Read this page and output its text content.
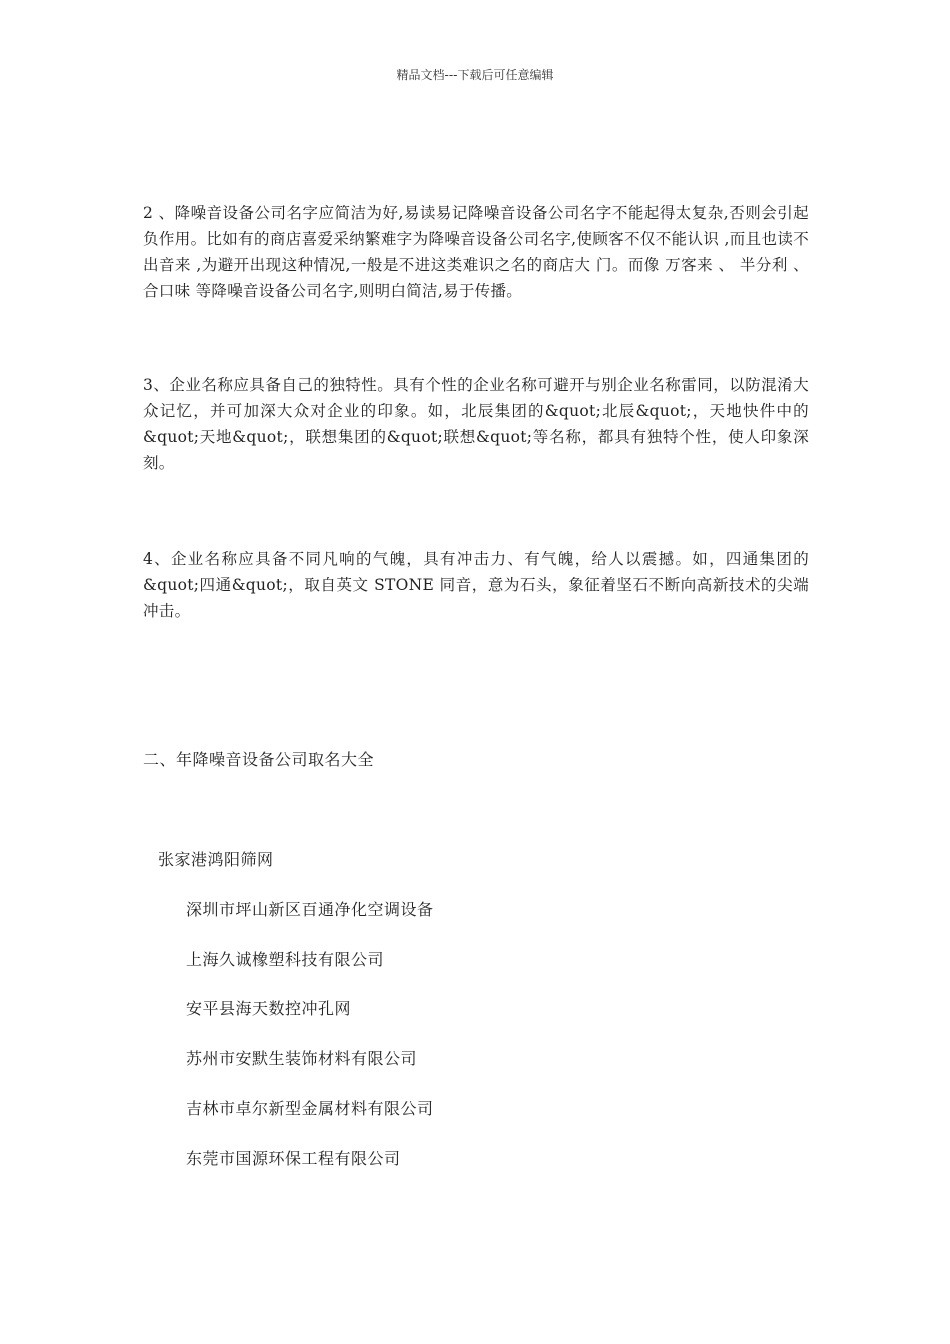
精品文档---下载后可任意编辑

2 、降噪音设备公司名字应简洁为好,易读易记降噪音设备公司名字不能起得太复杂,否则会引起负作用。比如有的商店喜爱采纳繁难字为降噪音设备公司名字,使顾客不仅不能认识 ,而且也读不出音来 ,为避开出现这种情况,一般是不进这类难识之名的商店大 门。而像 万客来 、 半分利 、 合口味 等降噪音设备公司名字,则明白简洁,易于传播。

3、企业名称应具备自己的独特性。具有个性的企业名称可避开与别企业名称雷同，以防混淆大众记忆，并可加深大众对企业的印象。如，北辰集团的&quot;北辰&quot;，天地快件中的&quot;天地&quot;，联想集团的&quot;联想&quot;等名称，都具有独特个性，使人印象深刻。

4、企业名称应具备不同凡响的气魄，具有冲击力、有气魄，给人以震撼。如，四通集团的&quot;四通&quot;，取自英文 STONE 同音，意为石头，象征着坚石不断向高新技术的尖端冲击。

二、年降噪音设备公司取名大全
张家港鸿阳筛网
深圳市坪山新区百通净化空调设备
上海久诚橡塑科技有限公司
安平县海天数控冲孔网
苏州市安默生装饰材料有限公司
吉林市卓尔新型金属材料有限公司
东莞市国源环保工程有限公司
